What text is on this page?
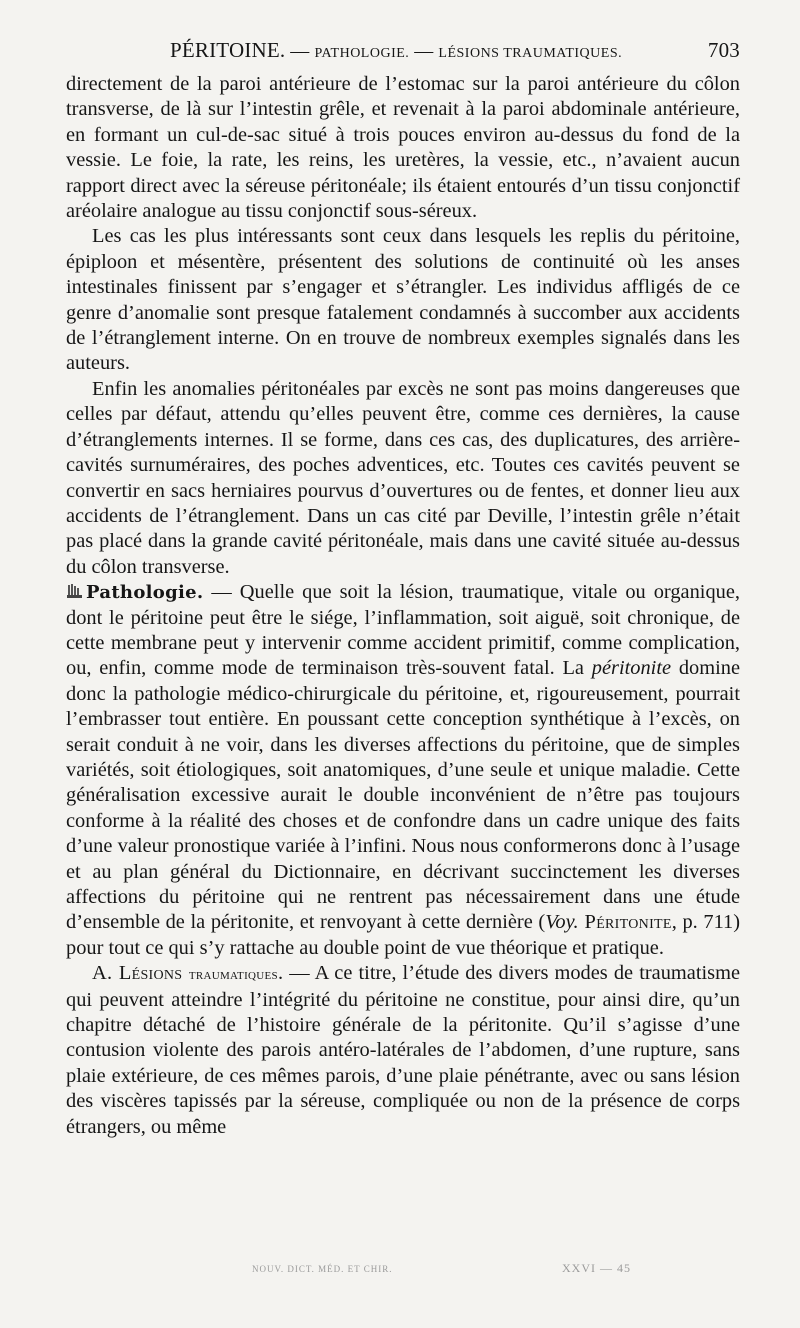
PÉRITOINE. — PATHOLOGIE. — LÉSIONS TRAUMATIQUES.	703

directement de la paroi antérieure de l’estomac sur la paroi antérieure du côlon transverse, de là sur l’intestin grêle, et revenait à la paroi abdominale antérieure, en formant un cul-de-sac situé à trois pouces environ au-dessus du fond de la vessie. Le foie, la rate, les reins, les uretères, la vessie, etc., n’avaient aucun rapport direct avec la séreuse péritonéale; ils étaient entourés d’un tissu conjonctif aréolaire analogue au tissu conjonctif sous-séreux.

Les cas les plus intéressants sont ceux dans lesquels les replis du péritoine, épiploon et mésentère, présentent des solutions de continuité où les anses intestinales finissent par s’engager et s’étrangler. Les individus affligés de ce genre d’anomalie sont presque fatalement condamnés à succomber aux accidents de l’étranglement interne. On en trouve de nombreux exemples signalés dans les auteurs.

Enfin les anomalies péritonéales par excès ne sont pas moins dangereuses que celles par défaut, attendu qu’elles peuvent être, comme ces dernières, la cause d’étranglements internes. Il se forme, dans ces cas, des duplicatures, des arrière-cavités surnuméraires, des poches adventices, etc. Toutes ces cavités peuvent se convertir en sacs herniaires pourvus d’ouvertures ou de fentes, et donner lieu aux accidents de l’étranglement. Dans un cas cité par Deville, l’intestin grêle n’était pas placé dans la grande cavité péritonéale, mais dans une cavité située au-dessus du côlon transverse.

Pathologie. — Quelle que soit la lésion, traumatique, vitale ou organique, dont le péritoine peut être le siége, l’inflammation, soit aiguë, soit chronique, de cette membrane peut y intervenir comme accident primitif, comme complication, ou, enfin, comme mode de terminaison très-souvent fatal. La péritonite domine donc la pathologie médico-chirurgicale du péritoine, et, rigoureusement, pourrait l’embrasser tout entière. En poussant cette conception synthétique à l’excès, on serait conduit à ne voir, dans les diverses affections du péritoine, que de simples variétés, soit étiologiques, soit anatomiques, d’une seule et unique maladie. Cette généralisation excessive aurait le double inconvénient de n’être pas toujours conforme à la réalité des choses et de confondre dans un cadre unique des faits d’une valeur pronostique variée à l’infini. Nous nous conformerons donc à l’usage et au plan général du Dictionnaire, en décrivant succinctement les diverses affections du péritoine qui ne rentrent pas nécessairement dans une étude d’ensemble de la péritonite, et renvoyant à cette dernière (Voy. Péritonite, p. 711) pour tout ce qui s’y rattache au double point de vue théorique et pratique.

A. Lésions traumatiques. — A ce titre, l’étude des divers modes de traumatisme qui peuvent atteindre l’intégrité du péritoine ne constitue, pour ainsi dire, qu’un chapitre détaché de l’histoire générale de la péritonite. Qu’il s’agisse d’une contusion violente des parois antéro-latérales de l’abdomen, d’une rupture, sans plaie extérieure, de ces mêmes parois, d’une plaie pénétrante, avec ou sans lésion des viscères tapissés par la séreuse, compliquée ou non de la présence de corps étrangers, ou même

NOUV. DICT. MÉD. ET CHIR.	XXVI — 45
